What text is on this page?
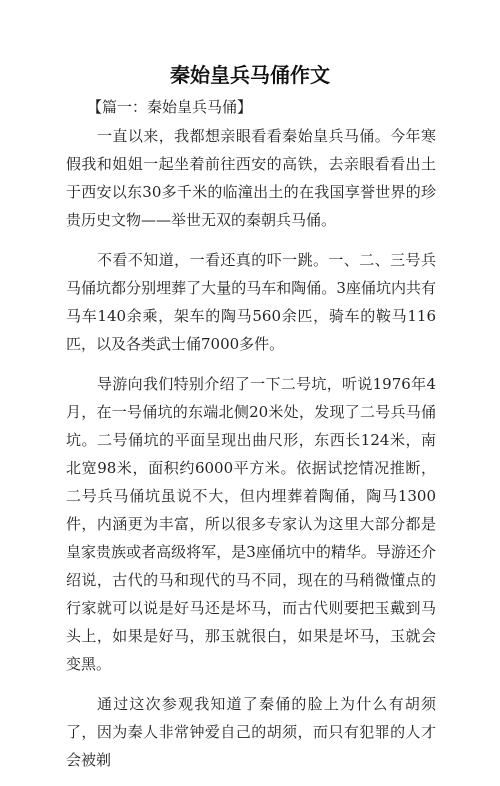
秦始皇兵马俑作文
【篇一：秦始皇兵马俑】

一直以来，我都想亲眼看看秦始皇兵马俑。今年寒假我和姐姐一起坐着前往西安的高铁，去亲眼看看出土于西安以东30多千米的临潼出土的在我国享誉世界的珍贵历史文物——举世无双的秦朝兵马俑。

不看不知道，一看还真的吓一跳。一、二、三号兵马俑坑都分别埋葬了大量的马车和陶俑。3座俑坑内共有马车140余乘，架车的陶马560余匹，骑车的鞍马116匹，以及各类武士俑7000多件。

导游向我们特别介绍了一下二号坑，听说1976年4月，在一号俑坑的东端北侧20米处，发现了二号兵马俑坑。二号俑坑的平面呈现出曲尺形，东西长124米，南北宽98米，面积约6000平方米。依据试挖情况推断，二号兵马俑坑虽说不大，但内埋葬着陶俑，陶马1300件，内涵更为丰富，所以很多专家认为这里大部分都是皇家贵族或者高级将军，是3座俑坑中的精华。导游还介绍说，古代的马和现代的马不同，现在的马稍微懂点的行家就可以说是好马还是坏马，而古代则要把玉戴到马头上，如果是好马，那玉就很白，如果是坏马，玉就会变黑。

通过这次参观我知道了秦俑的脸上为什么有胡须了，因为秦人非常钟爱自己的胡须，而只有犯罪的人才会被剃
